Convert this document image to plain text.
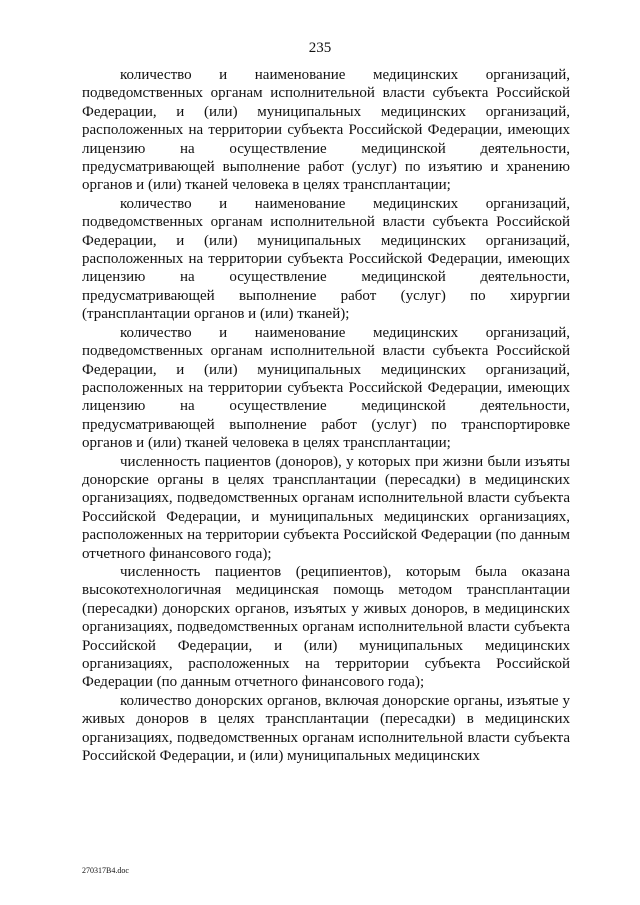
235

количество и наименование медицинских организаций, подведомственных органам исполнительной власти субъекта Российской Федерации, и (или) муниципальных медицинских организаций, расположенных на территории субъекта Российской Федерации, имеющих лицензию на осуществление медицинской деятельности, предусматривающей выполнение работ (услуг) по изъятию и хранению органов и (или) тканей человека в целях трансплантации;

количество и наименование медицинских организаций, подведомственных органам исполнительной власти субъекта Российской Федерации, и (или) муниципальных медицинских организаций, расположенных на территории субъекта Российской Федерации, имеющих лицензию на осуществление медицинской деятельности, предусматривающей выполнение работ (услуг) по хирургии (трансплантации органов и (или) тканей);

количество и наименование медицинских организаций, подведомственных органам исполнительной власти субъекта Российской Федерации, и (или) муниципальных медицинских организаций, расположенных на территории субъекта Российской Федерации, имеющих лицензию на осуществление медицинской деятельности, предусматривающей выполнение работ (услуг) по транспортировке органов и (или) тканей человека в целях трансплантации;

численность пациентов (доноров), у которых при жизни были изъяты донорские органы в целях трансплантации (пересадки) в медицинских организациях, подведомственных органам исполнительной власти субъекта Российской Федерации, и муниципальных медицинских организациях, расположенных на территории субъекта Российской Федерации (по данным отчетного финансового года);

численность пациентов (реципиентов), которым была оказана высокотехнологичная медицинская помощь методом трансплантации (пересадки) донорских органов, изъятых у живых доноров, в медицинских организациях, подведомственных органам исполнительной власти субъекта Российской Федерации, и (или) муниципальных медицинских организациях, расположенных на территории субъекта Российской Федерации (по данным отчетного финансового года);

количество донорских органов, включая донорские органы, изъятые у живых доноров в целях трансплантации (пересадки) в медицинских организациях, подведомственных органам исполнительной власти субъекта Российской Федерации, и (или) муниципальных медицинских

270317В4.doc
